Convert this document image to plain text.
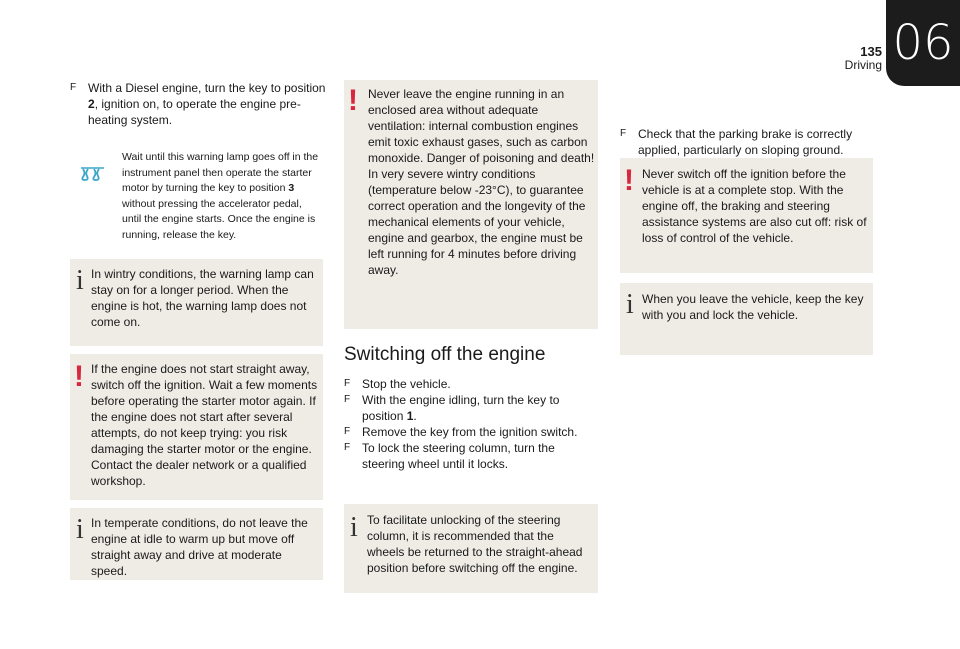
135
Driving 06
F With a Diesel engine, turn the key to position 2, ignition on, to operate the engine pre-heating system.
Wait until this warning lamp goes off in the instrument panel then operate the starter motor by turning the key to position 3 without pressing the accelerator pedal, until the engine starts. Once the engine is running, release the key.
i In wintry conditions, the warning lamp can stay on for a longer period. When the engine is hot, the warning lamp does not come on.
! If the engine does not start straight away, switch off the ignition. Wait a few moments before operating the starter motor again. If the engine does not start after several attempts, do not keep trying: you risk damaging the starter motor or the engine. Contact the dealer network or a qualified workshop.
i In temperate conditions, do not leave the engine at idle to warm up but move off straight away and drive at moderate speed.
! Never leave the engine running in an enclosed area without adequate ventilation: internal combustion engines emit toxic exhaust gases, such as carbon monoxide. Danger of poisoning and death! In very severe wintry conditions (temperature below -23°C), to guarantee correct operation and the longevity of the mechanical elements of your vehicle, engine and gearbox, the engine must be left running for 4 minutes before driving away.
Switching off the engine
F Stop the vehicle.
F With the engine idling, turn the key to position 1.
F Remove the key from the ignition switch.
F To lock the steering column, turn the steering wheel until it locks.
i To facilitate unlocking of the steering column, it is recommended that the wheels be returned to the straight-ahead position before switching off the engine.
F Check that the parking brake is correctly applied, particularly on sloping ground.
! Never switch off the ignition before the vehicle is at a complete stop. With the engine off, the braking and steering assistance systems are also cut off: risk of loss of control of the vehicle.
i When you leave the vehicle, keep the key with you and lock the vehicle.
